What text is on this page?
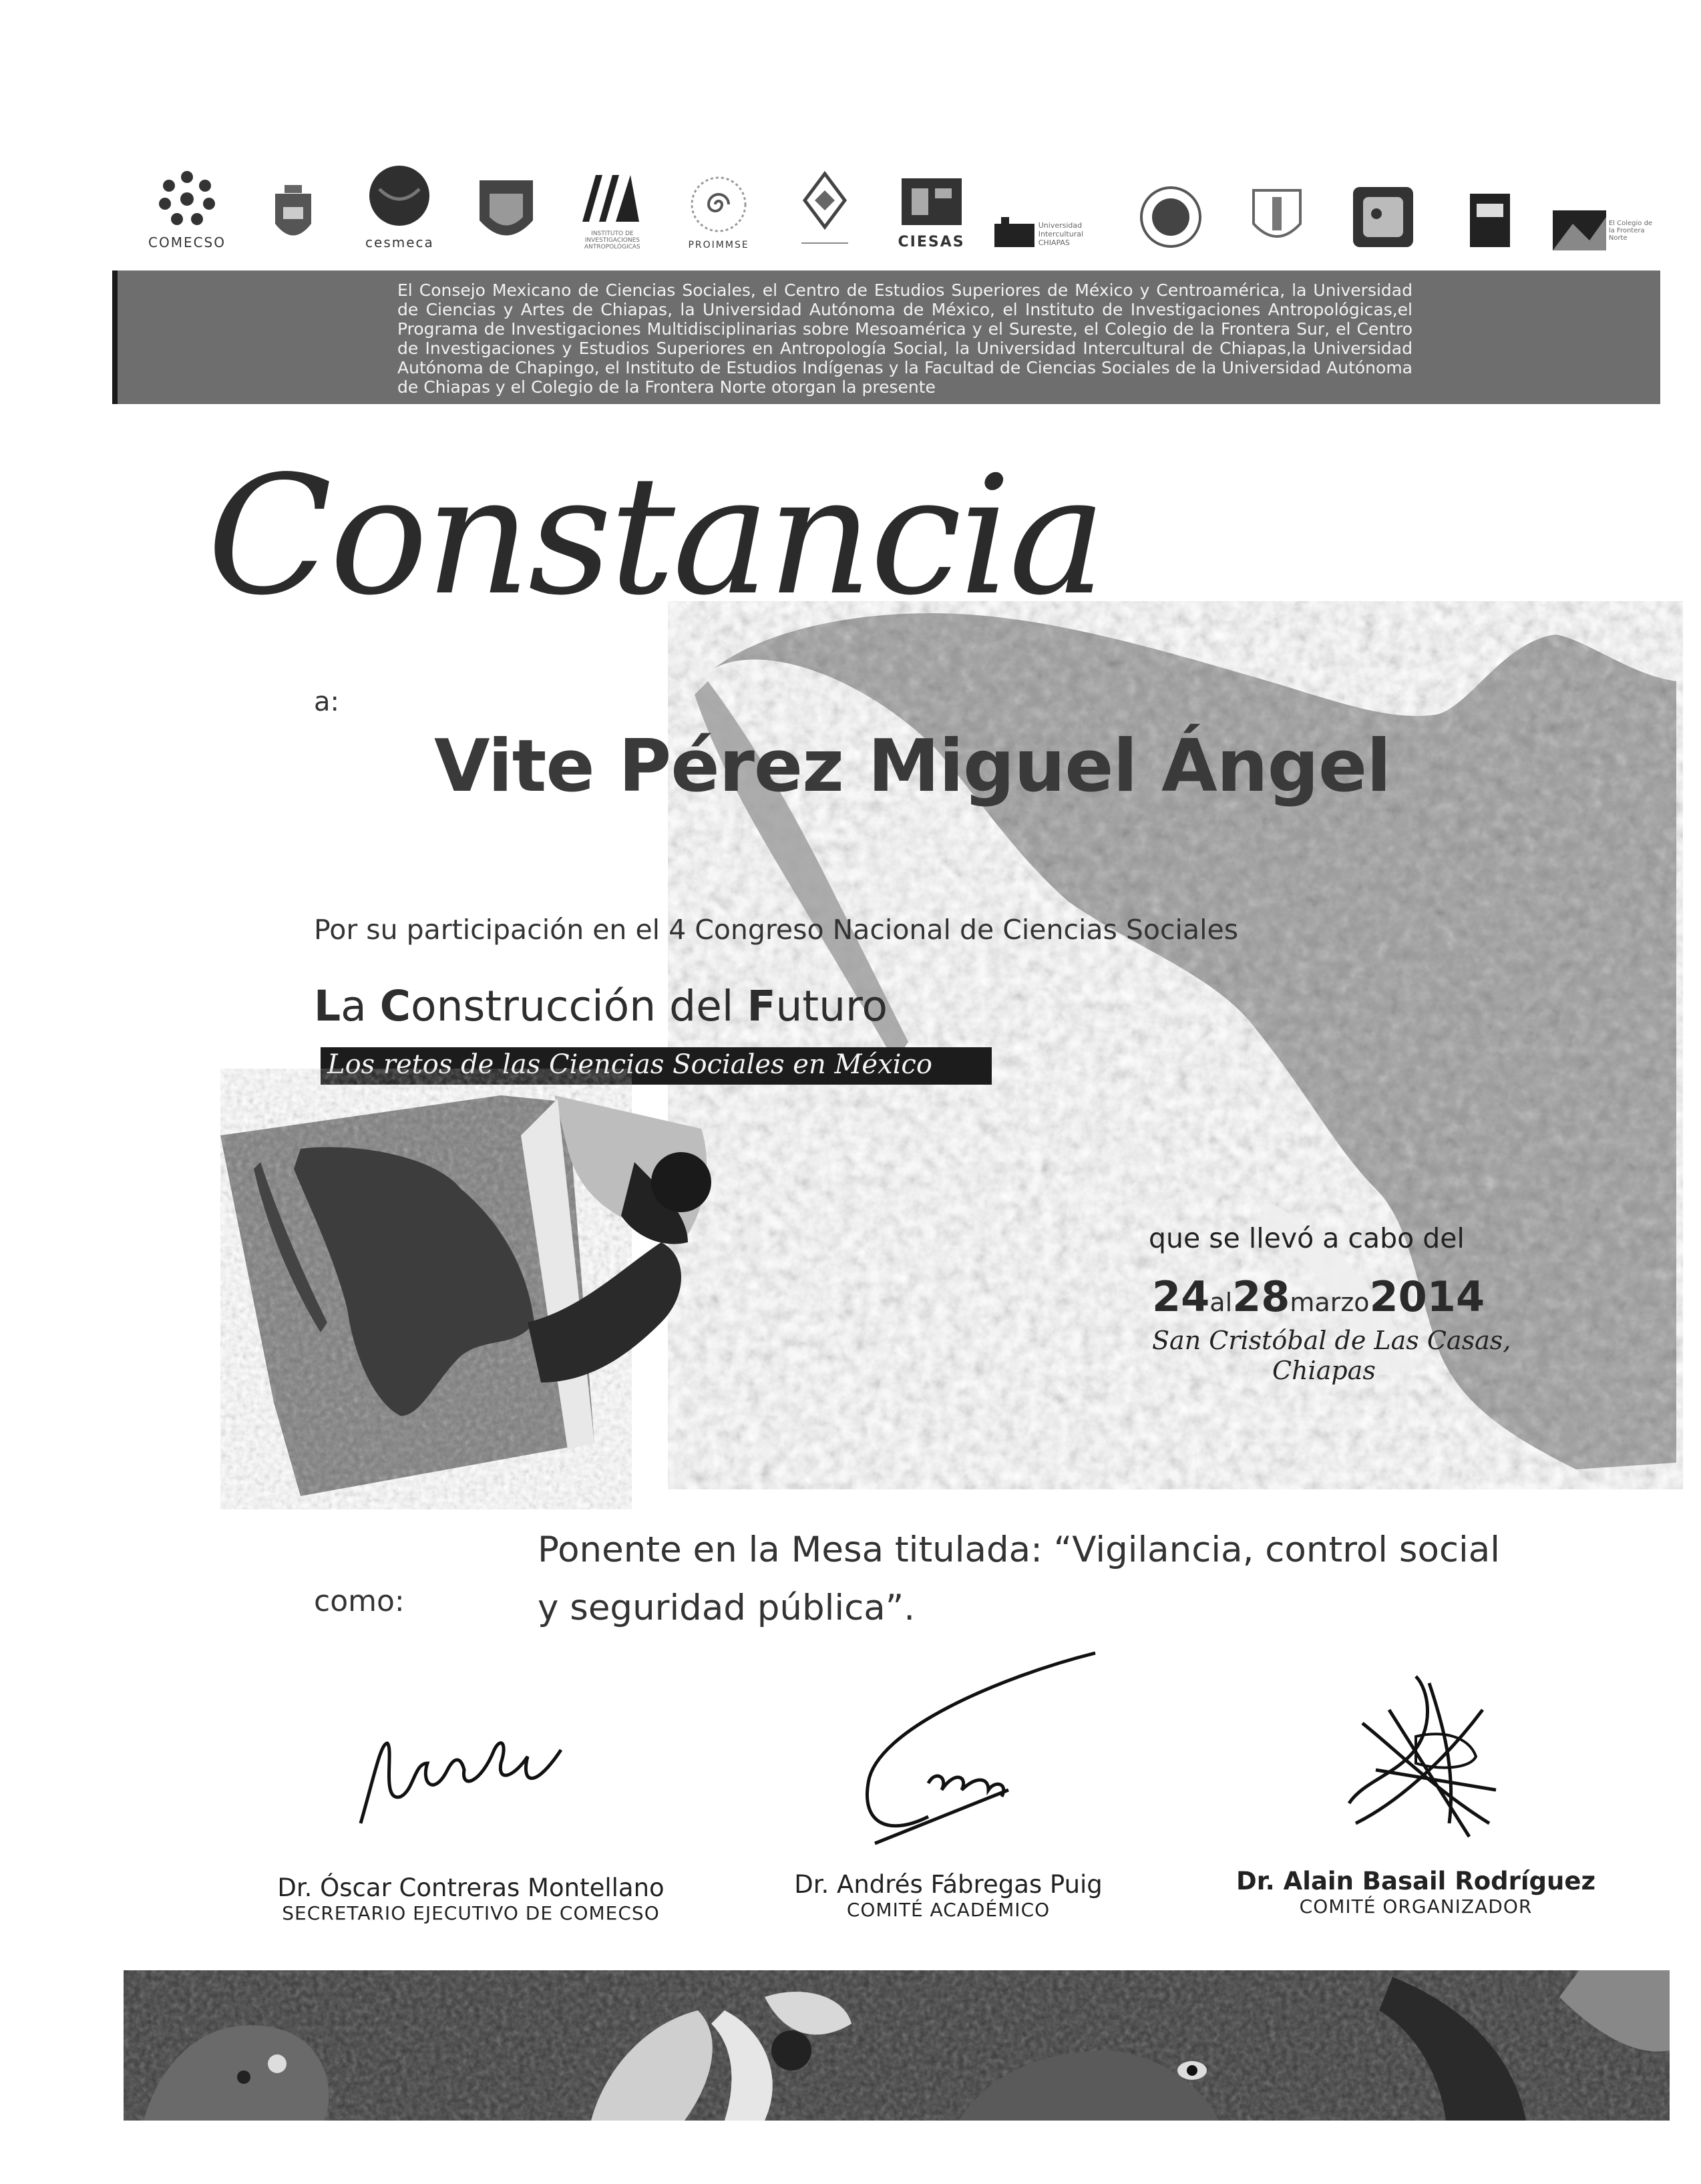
COMECSO	cesmeca
INSTITUTO DE INVESTIGACIONES ANTROPOLÓGICAS	PROIMMSE	CIESAS
Universidad Intercultural CHIAPAS
El Colegio de la Frontera Norte
El Consejo Mexicano de Ciencias Sociales, el Centro de Estudios Superiores de México y Centroamérica, la Universidad de Ciencias y Artes de Chiapas, la Universidad Autónoma de México, el Instituto de Investigaciones Antropológicas,el Programa de Investigaciones Multidisciplinarias sobre Mesoamérica y el Sureste, el Colegio de la Frontera Sur, el Centro de Investigaciones y Estudios Superiores en Antropología Social, la Universidad Intercultural de Chiapas,la Universidad Autónoma de Chapingo, el Instituto de Estudios Indígenas y la Facultad de Ciencias Sociales de la Universidad Autónoma de Chiapas y el Colegio de la Frontera Norte otorgan la presente
Constancia
a:
Vite Pérez Miguel Ángel
Por su participación en el 4 Congreso Nacional de Ciencias Sociales
La Construcción del Futuro
Los retos de las Ciencias Sociales en México
que se llevó a cabo del
24al28marzo2014
San Cristóbal de Las Casas,
Chiapas
como:
Ponente en la Mesa titulada: “Vigilancia, control social
y seguridad pública”.
Dr. Óscar Contreras Montellano
SECRETARIO EJECUTIVO DE COMECSO
Dr. Andrés Fábregas Puig
COMITÉ ACADÉMICO
Dr. Alain Basail Rodríguez
COMITÉ ORGANIZADOR
